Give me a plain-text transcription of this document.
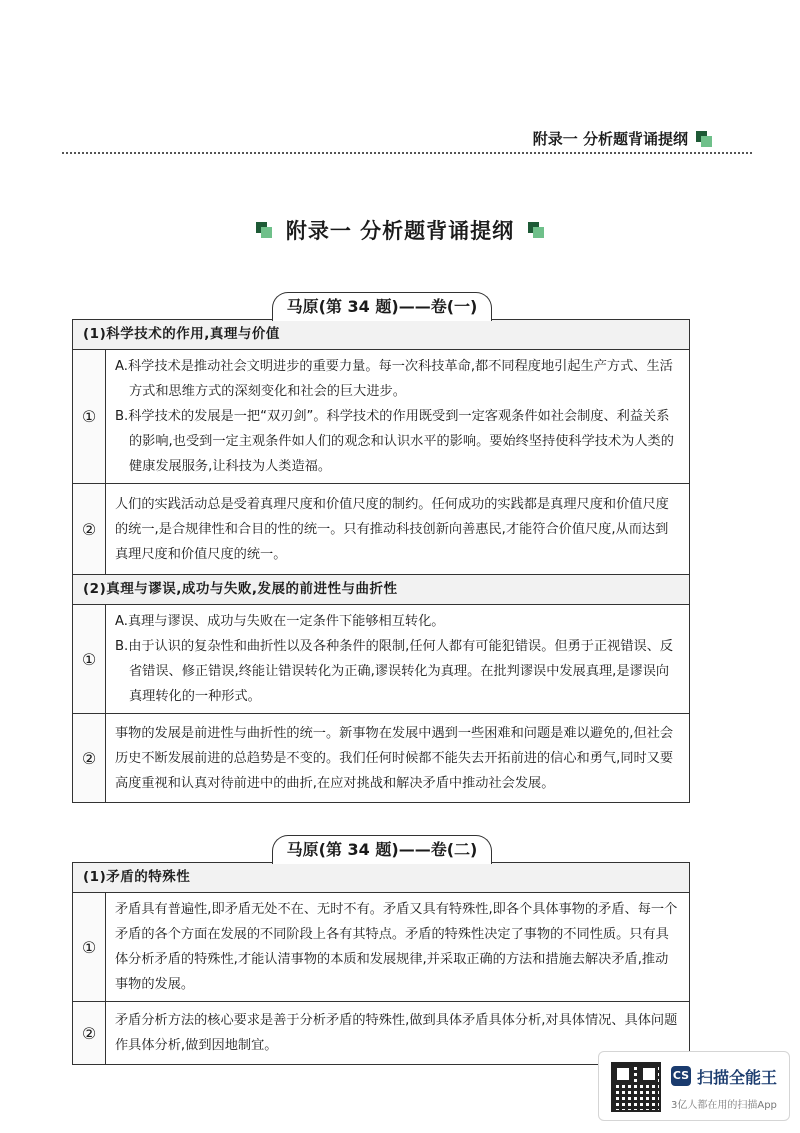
附录一 分析题背诵提纲
附录一 分析题背诵提纲
马原(第 34 题)——卷(一)
(1)科学技术的作用,真理与价值	
①	A.科学技术是推动社会文明进步的重要力量。每一次科技革命,都不同程度地引起生产方式、生活方式和思维方式的深刻变化和社会的巨大进步。

B.科学技术的发展是一把“双刃剑”。科学技术的作用既受到一定客观条件如社会制度、利益关系的影响,也受到一定主观条件如人们的观念和认识水平的影响。要始终坚持使科学技术为人类的健康发展服务,让科技为人类造福。

②	人们的实践活动总是受着真理尺度和价值尺度的制约。任何成功的实践都是真理尺度和价值尺度的统一,是合规律性和合目的性的统一。只有推动科技创新向善惠民,才能符合价值尺度,从而达到真理尺度和价值尺度的统一。

(2)真理与谬误,成功与失败,发展的前进性与曲折性	
①	A.真理与谬误、成功与失败在一定条件下能够相互转化。

B.由于认识的复杂性和曲折性以及各种条件的限制,任何人都有可能犯错误。但勇于正视错误、反省错误、修正错误,终能让错误转化为正确,谬误转化为真理。在批判谬误中发展真理,是谬误向真理转化的一种形式。

②	事物的发展是前进性与曲折性的统一。新事物在发展中遇到一些困难和问题是难以避免的,但社会历史不断发展前进的总趋势是不变的。我们任何时候都不能失去开拓前进的信心和勇气,同时又要高度重视和认真对待前进中的曲折,在应对挑战和解决矛盾中推动社会发展。

马原(第 34 题)——卷(二)
(1)矛盾的特殊性	
①	矛盾具有普遍性,即矛盾无处不在、无时不有。矛盾又具有特殊性,即各个具体事物的矛盾、每一个矛盾的各个方面在发展的不同阶段上各有其特点。矛盾的特殊性决定了事物的不同性质。只有具体分析矛盾的特殊性,才能认清事物的本质和发展规律,并采取正确的方法和措施去解决矛盾,推动事物的发展。

②	矛盾分析方法的核心要求是善于分析矛盾的特殊性,做到具体矛盾具体分析,对具体情况、具体问题作具体分析,做到因地制宜。

CS 扫描全能王
3亿人都在用的扫描App
